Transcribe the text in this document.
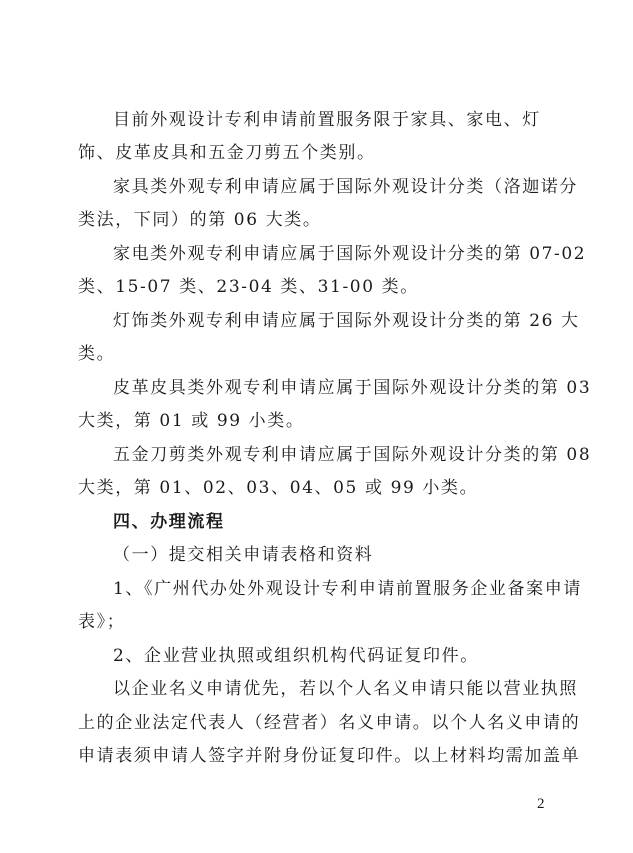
目前外观设计专利申请前置服务限于家具、家电、灯
饰、皮革皮具和五金刀剪五个类别。
家具类外观专利申请应属于国际外观设计分类（洛迦诺分
类法，下同）的第 06 大类。
家电类外观专利申请应属于国际外观设计分类的第 07-02
类、15-07 类、23-04 类、31-00 类。
灯饰类外观专利申请应属于国际外观设计分类的第 26 大
类。
皮革皮具类外观专利申请应属于国际外观设计分类的第 03
大类，第 01 或 99 小类。
五金刀剪类外观专利申请应属于国际外观设计分类的第 08
大类，第 01、02、03、04、05 或 99 小类。
四、办理流程
（一）提交相关申请表格和资料
1、《广州代办处外观设计专利申请前置服务企业备案申请
表》；
2、企业营业执照或组织机构代码证复印件。
以企业名义申请优先，若以个人名义申请只能以营业执照
上的企业法定代表人（经营者）名义申请。以个人名义申请的
申请表须申请人签字并附身份证复印件。以上材料均需加盖单
2
